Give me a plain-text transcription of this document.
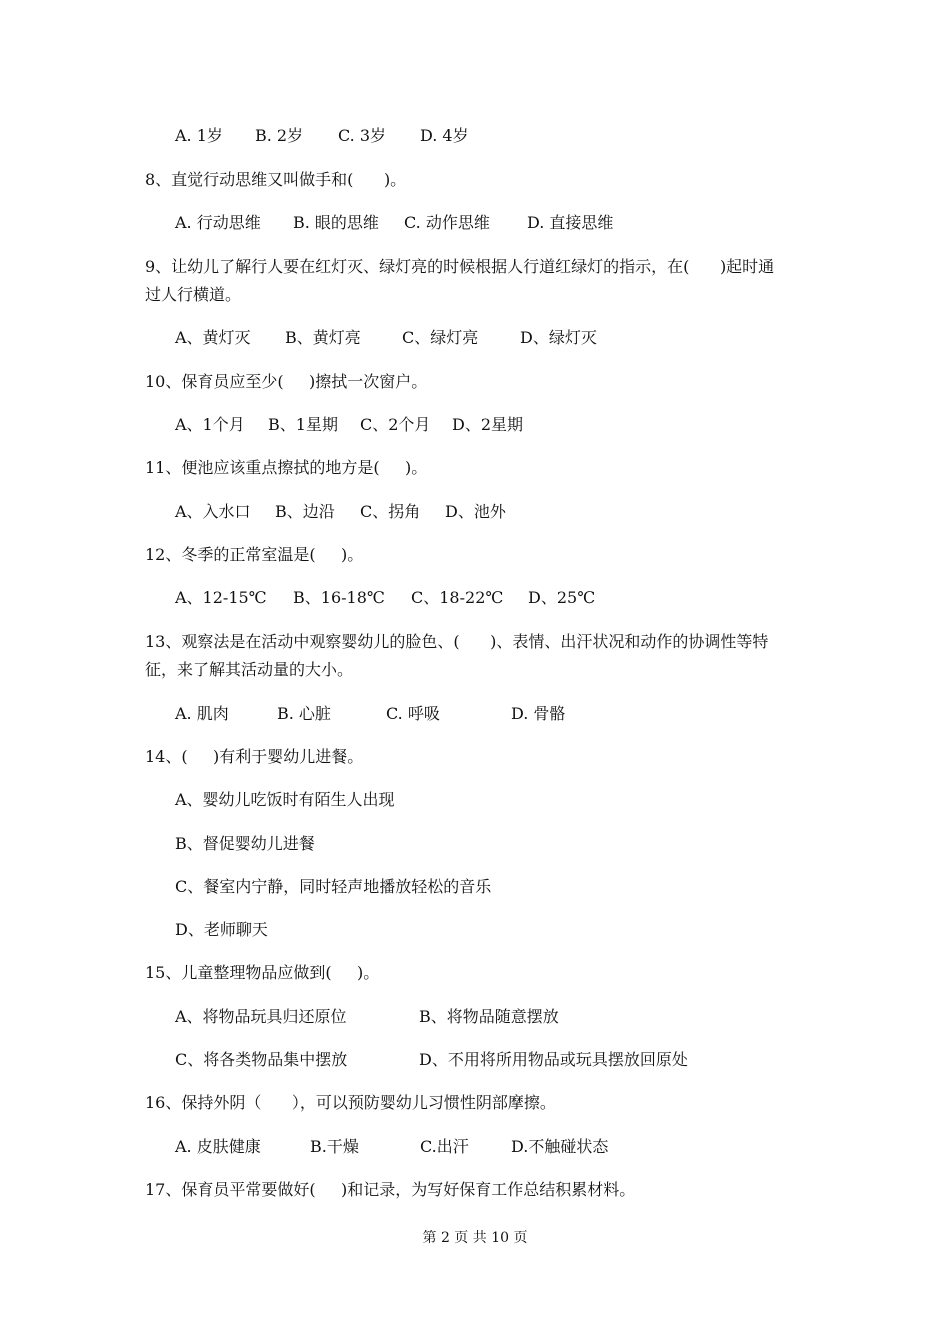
A. 1岁

B. 2岁

C. 3岁

D. 4岁

8、直觉行动思维又叫做手和(      )。

A. 行动思维

B. 眼的思维

C. 动作思维

D. 直接思维

9、让幼儿了解行人要在红灯灭、绿灯亮的时候根据人行道红绿灯的指示，在(      )起时通
过人行横道。

A、黄灯灭

B、黄灯亮

	C、绿灯亮

	D、绿灯灭

10、保育员应至少(     )擦拭一次窗户。

A、1个月

B、1星期

C、2个月

D、2星期

11、便池应该重点擦拭的地方是(     )。

A、入水口

B、边沿

C、拐角

D、池外

12、冬季的正常室温是(     )。

A、12-15℃

B、16-18℃

C、18-22℃

D、25℃

13、观察法是在活动中观察婴幼儿的脸色、(      )、表情、出汗状况和动作的协调性等特
征，来了解其活动量的大小。

A. 肌肉

	B. 心脏

	C. 呼吸

	D. 骨骼

14、(     )有利于婴幼儿进餐。
A、婴幼儿吃饭时有陌生人出现
B、督促婴幼儿进餐
C、餐室内宁静，同时轻声地播放轻松的音乐
D、老师聊天
15、儿童整理物品应做到(     )。

A、将物品玩具归还原位

	B、将物品随意摆放

C、将各类物品集中摆放

	D、不用将所用物品或玩具摆放回原处

16、保持外阴（      ），可以预防婴幼儿习惯性阴部摩擦。

A. 皮肤健康

	B.干燥

	C.出汗

	D.不触碰状态

17、保育员平常要做好(     )和记录，为写好保育工作总结积累材料。
第 2 页 共 10 页
